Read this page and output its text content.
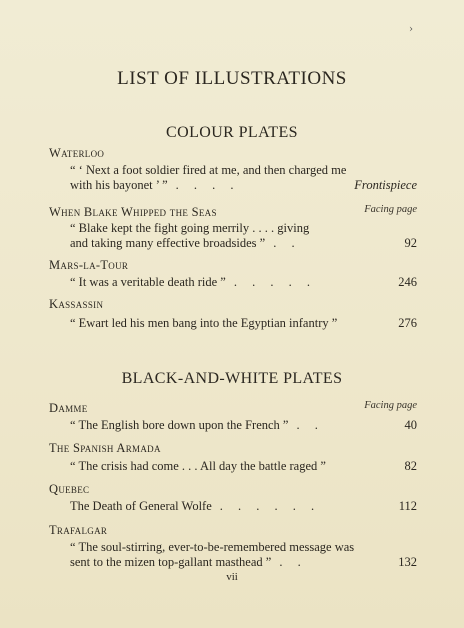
›
LIST OF ILLUSTRATIONS
COLOUR PLATES
Waterloo
“ ‘ Next a foot soldier fired at me, and then charged me
with his bayonet ’ ” . . . .	Frontispiece
When Blake Whipped the Seas	Facing page
“ Blake kept the fight going merrily . . . . giving
and taking many effective broadsides ” . .	92
Mars-la-Tour
“ It was a veritable death ride ” . . . . .	246
Kassassin
“ Ewart led his men bang into the Egyptian infantry ”	276
BLACK-AND-WHITE PLATES
Damme	Facing page
“ The English bore down upon the French ” . .	40
The Spanish Armada
“ The crisis had come . . . All day the battle raged ”	82
Quebec
The Death of General Wolfe . . . . . .	112
Trafalgar
“ The soul-stirring, ever-to-be-remembered message was
sent to the mizen top-gallant masthead ” . .	132
vii
